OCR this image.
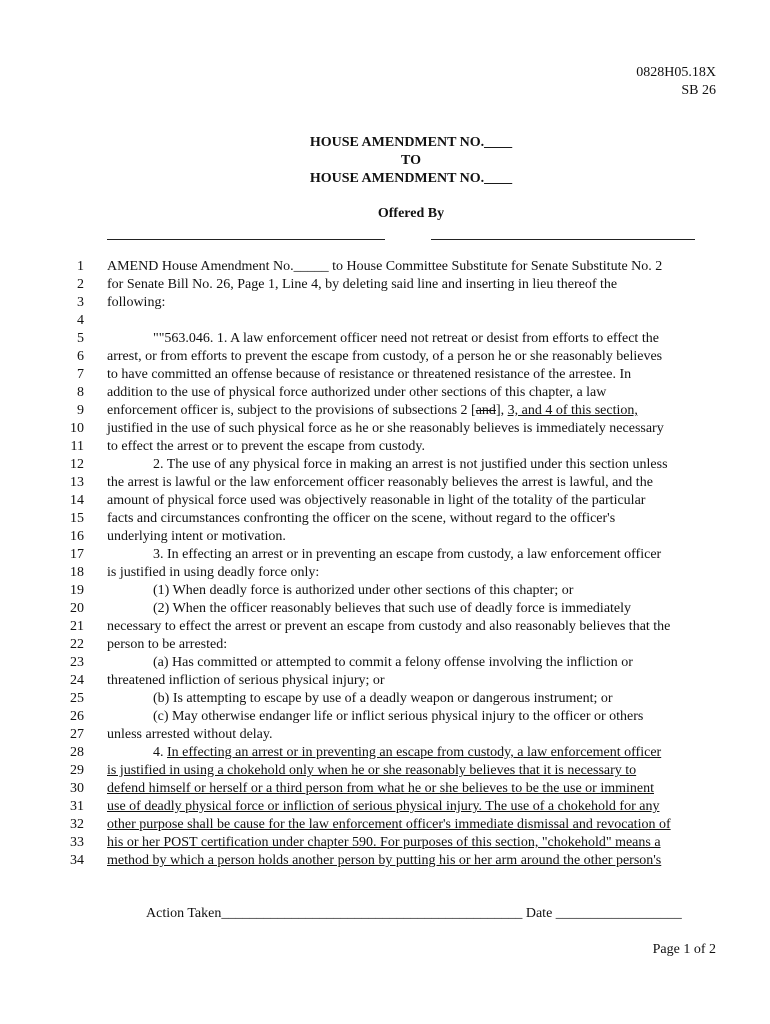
0828H05.18X
SB 26
HOUSE AMENDMENT NO.____
TO
HOUSE AMENDMENT NO.____
Offered By
1 AMEND House Amendment No._____ to House Committee Substitute for Senate Substitute No. 2
2 for Senate Bill No. 26, Page 1, Line 4, by deleting said line and inserting in lieu thereof the
3 following:
4
5	""563.046. 1. A law enforcement officer need not retreat or desist from efforts to effect the
6 arrest, or from efforts to prevent the escape from custody, of a person he or she reasonably believes
7 to have committed an offense because of resistance or threatened resistance of the arrestee. In
8 addition to the use of physical force authorized under other sections of this chapter, a law
9 enforcement officer is, subject to the provisions of subsections 2 [and], 3, and 4 of this section,
10 justified in the use of such physical force as he or she reasonably believes is immediately necessary
11 to effect the arrest or to prevent the escape from custody.
12	2. The use of any physical force in making an arrest is not justified under this section unless
13 the arrest is lawful or the law enforcement officer reasonably believes the arrest is lawful, and the
14 amount of physical force used was objectively reasonable in light of the totality of the particular
15 facts and circumstances confronting the officer on the scene, without regard to the officer's
16 underlying intent or motivation.
17	3. In effecting an arrest or in preventing an escape from custody, a law enforcement officer
18 is justified in using deadly force only:
19	(1) When deadly force is authorized under other sections of this chapter; or
20	(2) When the officer reasonably believes that such use of deadly force is immediately
21 necessary to effect the arrest or prevent an escape from custody and also reasonably believes that the
22 person to be arrested:
23	(a) Has committed or attempted to commit a felony offense involving the infliction or
24 threatened infliction of serious physical injury; or
25	(b) Is attempting to escape by use of a deadly weapon or dangerous instrument; or
26	(c) May otherwise endanger life or inflict serious physical injury to the officer or others
27 unless arrested without delay.
28	4. In effecting an arrest or in preventing an escape from custody, a law enforcement officer
29 is justified in using a chokehold only when he or she reasonably believes that it is necessary to
30 defend himself or herself or a third person from what he or she believes to be the use or imminent
31 use of deadly physical force or infliction of serious physical injury. The use of a chokehold for any
32 other purpose shall be cause for the law enforcement officer's immediate dismissal and revocation of
33 his or her POST certification under chapter 590. For purposes of this section, "chokehold" means a
34 method by which a person holds another person by putting his or her arm around the other person's
Action Taken___________________________________________ Date __________________
Page 1 of 2
